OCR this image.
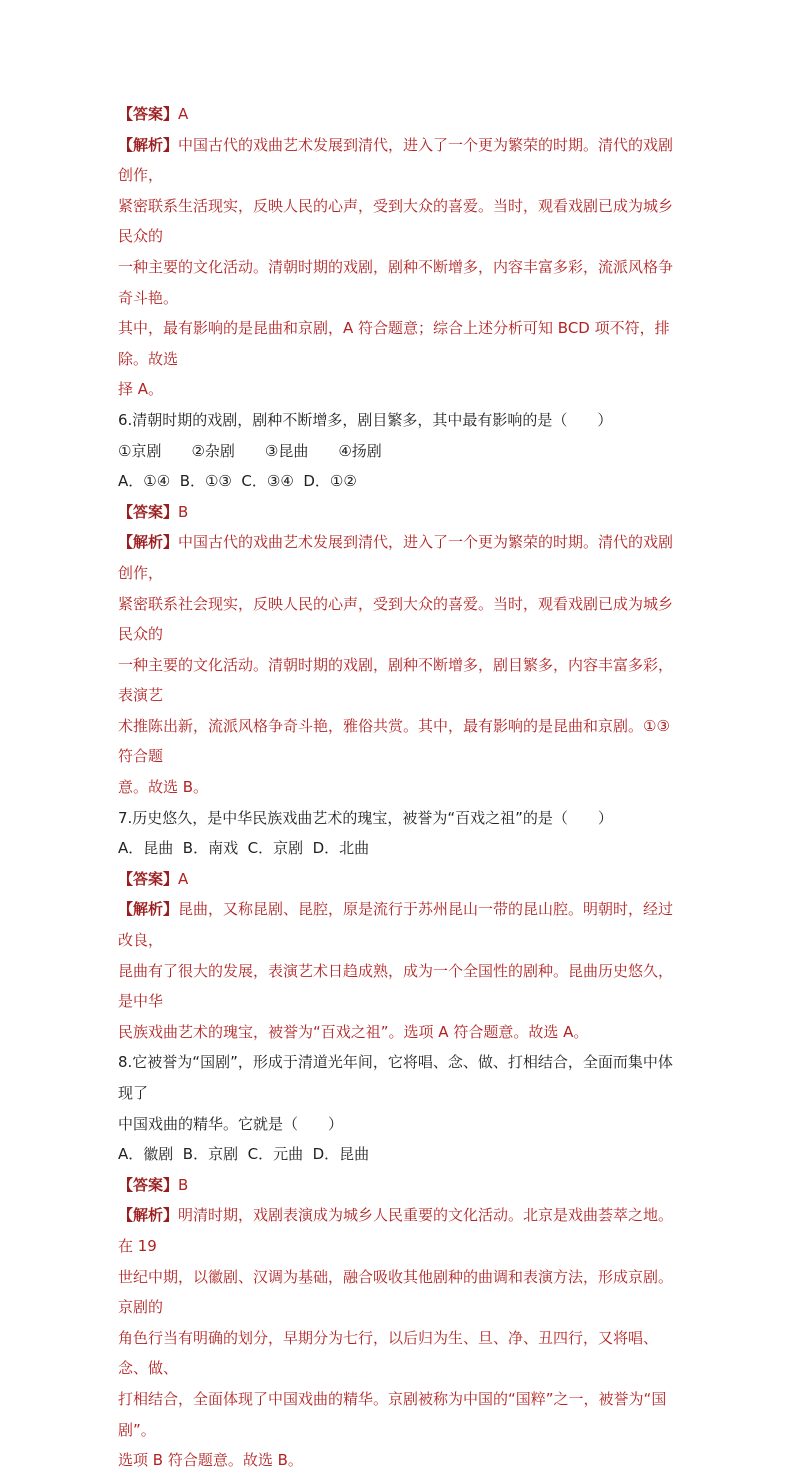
【答案】A

【解析】中国古代的戏曲艺术发展到清代，进入了一个更为繁荣的时期。清代的戏剧创作，

紧密联系生活现实，反映人民的心声，受到大众的喜爱。当时，观看戏剧已成为城乡民众的

一种主要的文化活动。清朝时期的戏剧，剧种不断增多，内容丰富多彩，流派风格争奇斗艳。

其中，最有影响的是昆曲和京剧，A 符合题意；综合上述分析可知 BCD 项不符，排除。故选

择 A。

6.清朝时期的戏剧，剧种不断增多，剧目繁多，其中最有影响的是（　　）

①京剧　　②杂剧　　③昆曲　　④扬剧

A．①④  B．①③  C．③④  D．①②

【答案】B

【解析】中国古代的戏曲艺术发展到清代，进入了一个更为繁荣的时期。清代的戏剧创作，

紧密联系社会现实，反映人民的心声，受到大众的喜爱。当时，观看戏剧已成为城乡民众的

一种主要的文化活动。清朝时期的戏剧，剧种不断增多，剧目繁多，内容丰富多彩，表演艺

术推陈出新，流派风格争奇斗艳，雅俗共赏。其中，最有影响的是昆曲和京剧。①③符合题

意。故选 B。

7.历史悠久，是中华民族戏曲艺术的瑰宝，被誉为“百戏之祖”的是（　　）

A．昆曲  B．南戏  C．京剧  D．北曲

【答案】A

【解析】昆曲，又称昆剧、昆腔，原是流行于苏州昆山一带的昆山腔。明朝时，经过改良，

昆曲有了很大的发展，表演艺术日趋成熟，成为一个全国性的剧种。昆曲历史悠久，是中华

民族戏曲艺术的瑰宝，被誉为“百戏之祖”。选项 A 符合题意。故选 A。

8.它被誉为“国剧”，形成于清道光年间，它将唱、念、做、打相结合，全面而集中体现了

中国戏曲的精华。它就是（　　）

A．徽剧  B．京剧  C．元曲  D．昆曲

【答案】B

【解析】明清时期，戏剧表演成为城乡人民重要的文化活动。北京是戏曲荟萃之地。在 19

世纪中期，以徽剧、汉调为基础，融合吸收其他剧种的曲调和表演方法，形成京剧。京剧的

角色行当有明确的划分，早期分为七行，以后归为生、旦、净、丑四行，又将唱、念、做、

打相结合，全面体现了中国戏曲的精华。京剧被称为中国的“国粹”之一，被誉为“国剧”。

选项 B 符合题意。故选 B。
